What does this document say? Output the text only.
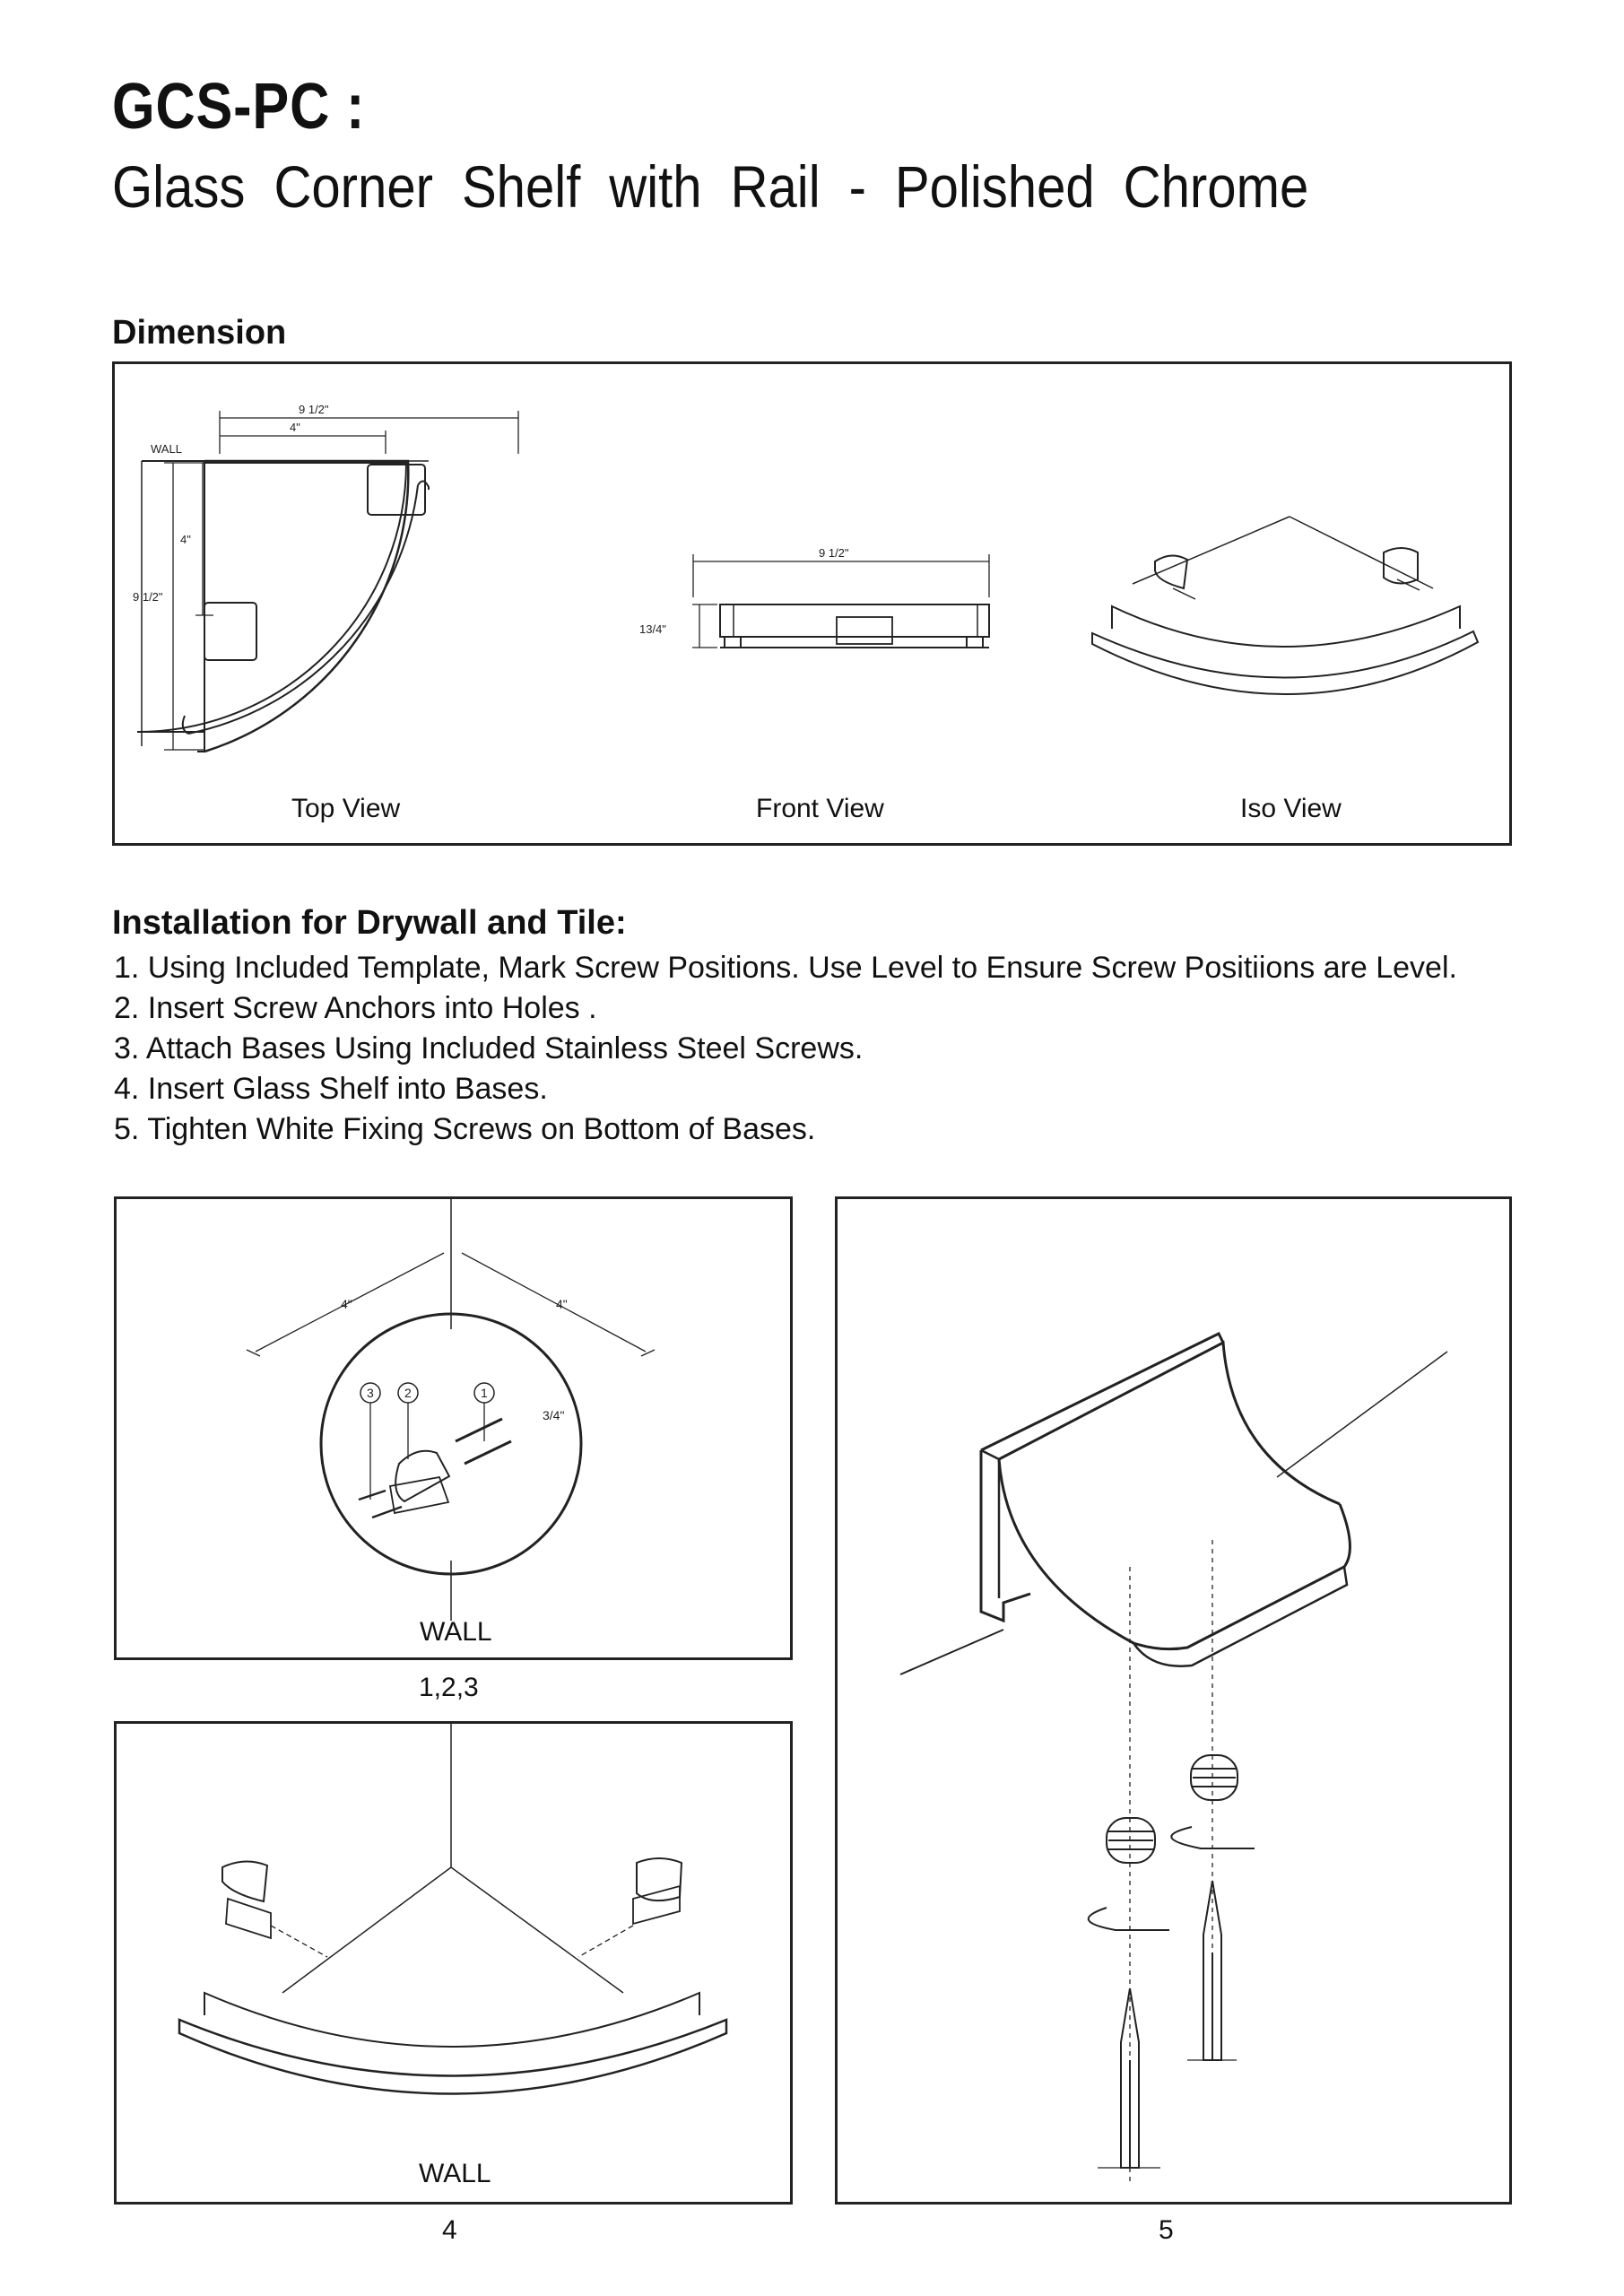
GCS-PC :
Glass Corner Shelf with Rail - Polished Chrome
Dimension
WALL
9 1/2"
4"
9 1/2"
4"
9 1/2"
13/4"
Top View	Front View	Iso View
Installation for Drywall and Tile:
1. Using Included Template, Mark Screw Positions. Use Level to Ensure Screw Positiions are Level.
2. Insert Screw Anchors into Holes .
3. Attach Bases Using Included Stainless Steel Screws.
4. Insert Glass Shelf into Bases.
5. Tighten White Fixing Screws on Bottom of Bases.
3 2	1
4"	4"
3/4"
WALL
1,2,3
WALL
4	5
